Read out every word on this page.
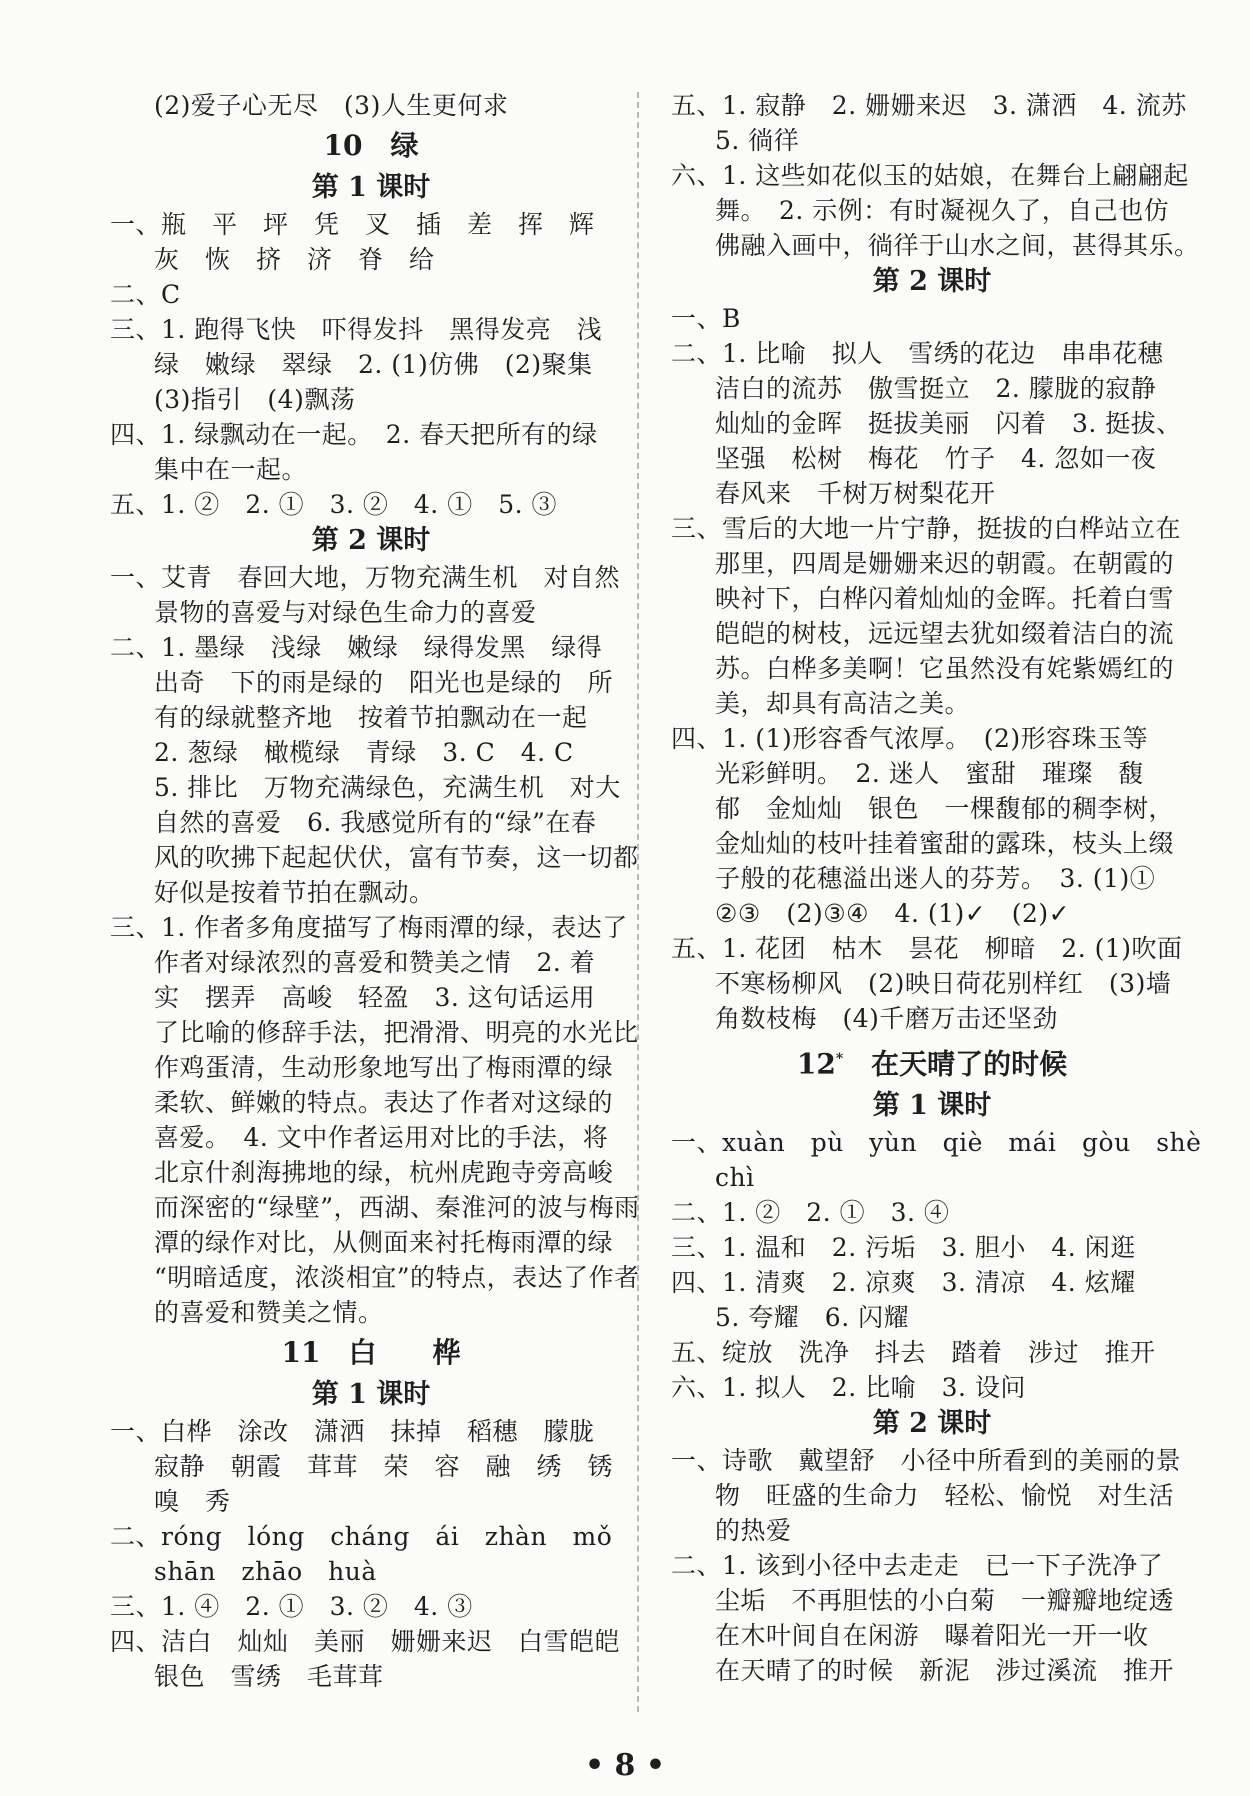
(2)爱子心无尽　(3)人生更何求
10　绿
第 1 课时
一、瓶　平　坪　凭　叉　插　差　挥　辉
灰　恢　挤　济　脊　给
二、C
三、1. 跑得飞快　吓得发抖　黑得发亮　浅
绿　嫩绿　翠绿　2. (1)仿佛　(2)聚集
(3)指引　(4)飘荡
四、1. 绿飘动在一起。　2. 春天把所有的绿
集中在一起。
五、1. ②　2. ①　3. ②　4. ①　5. ③
第 2 课时
一、艾青　春回大地，万物充满生机　对自然
景物的喜爱与对绿色生命力的喜爱
二、1. 墨绿　浅绿　嫩绿　绿得发黑　绿得
出奇　下的雨是绿的　阳光也是绿的　所
有的绿就整齐地　按着节拍飘动在一起
2. 葱绿　橄榄绿　青绿　3. C　4. C
5. 排比　万物充满绿色，充满生机　对大
自然的喜爱　6. 我感觉所有的“绿”在春
风的吹拂下起起伏伏，富有节奏，这一切都
好似是按着节拍在飘动。
三、1. 作者多角度描写了梅雨潭的绿，表达了
作者对绿浓烈的喜爱和赞美之情　2. 着
实　摆弄　高峻　轻盈　3. 这句话运用
了比喻的修辞手法，把滑滑、明亮的水光比
作鸡蛋清，生动形象地写出了梅雨潭的绿
柔软、鲜嫩的特点。表达了作者对这绿的
喜爱。　4. 文中作者运用对比的手法，将
北京什刹海拂地的绿，杭州虎跑寺旁高峻
而深密的“绿壁”，西湖、秦淮河的波与梅雨
潭的绿作对比，从侧面来衬托梅雨潭的绿
“明暗适度，浓淡相宜”的特点，表达了作者
的喜爱和赞美之情。
11　白　　桦
第 1 课时
一、白桦　涂改　潇洒　抹掉　稻穗　朦胧
寂静　朝霞　茸茸　荣　容　融　绣　锈
嗅　秀
二、róng　lóng　cháng　ái　zhàn　mǒ
shān　zhāo　huà
三、1. ④　2. ①　3. ②　4. ③
四、洁白　灿灿　美丽　姗姗来迟　白雪皑皑
银色　雪绣　毛茸茸
五、1. 寂静　2. 姗姗来迟　3. 潇洒　4. 流苏
5. 徜徉
六、1. 这些如花似玉的姑娘，在舞台上翩翩起
舞。　2. 示例：有时凝视久了，自己也仿
佛融入画中，徜徉于山水之间，甚得其乐。
第 2 课时
一、B
二、1. 比喻　拟人　雪绣的花边　串串花穗
洁白的流苏　傲雪挺立　2. 朦胧的寂静
灿灿的金晖　挺拔美丽　闪着　3. 挺拔、
坚强　松树　梅花　竹子　4. 忽如一夜
春风来　千树万树梨花开
三、雪后的大地一片宁静，挺拔的白桦站立在
那里，四周是姗姗来迟的朝霞。在朝霞的
映衬下，白桦闪着灿灿的金晖。托着白雪
皑皑的树枝，远远望去犹如缀着洁白的流
苏。白桦多美啊！它虽然没有姹紫嫣红的
美，却具有高洁之美。
四、1. (1)形容香气浓厚。　(2)形容珠玉等
光彩鲜明。　2. 迷人　蜜甜　璀璨　馥
郁　金灿灿　银色　一棵馥郁的稠李树，
金灿灿的枝叶挂着蜜甜的露珠，枝头上缀
子般的花穗溢出迷人的芬芳。　3. (1)①
②③　(2)③④　4. (1)✓　(2)✓
五、1. 花团　枯木　昙花　柳暗　2. (1)吹面
不寒杨柳风　(2)映日荷花别样红　(3)墙
角数枝梅　(4)千磨万击还坚劲
12*　在天晴了的时候
第 1 课时
一、xuàn　pù　yùn　qiè　mái　gòu　shè
chì
二、1. ②　2. ①　3. ④
三、1. 温和　2. 污垢　3. 胆小　4. 闲逛
四、1. 清爽　2. 凉爽　3. 清凉　4. 炫耀
5. 夸耀　6. 闪耀
五、绽放　洗净　抖去　踏着　涉过　推开
六、1. 拟人　2. 比喻　3. 设问
第 2 课时
一、诗歌　戴望舒　小径中所看到的美丽的景
物　旺盛的生命力　轻松、愉悦　对生活
的热爱
二、1. 该到小径中去走走　已一下子洗净了
尘垢　不再胆怯的小白菊　一瓣瓣地绽透
在木叶间自在闲游　曝着阳光一开一收
在天晴了的时候　新泥　涉过溪流　推开
• 8 •
